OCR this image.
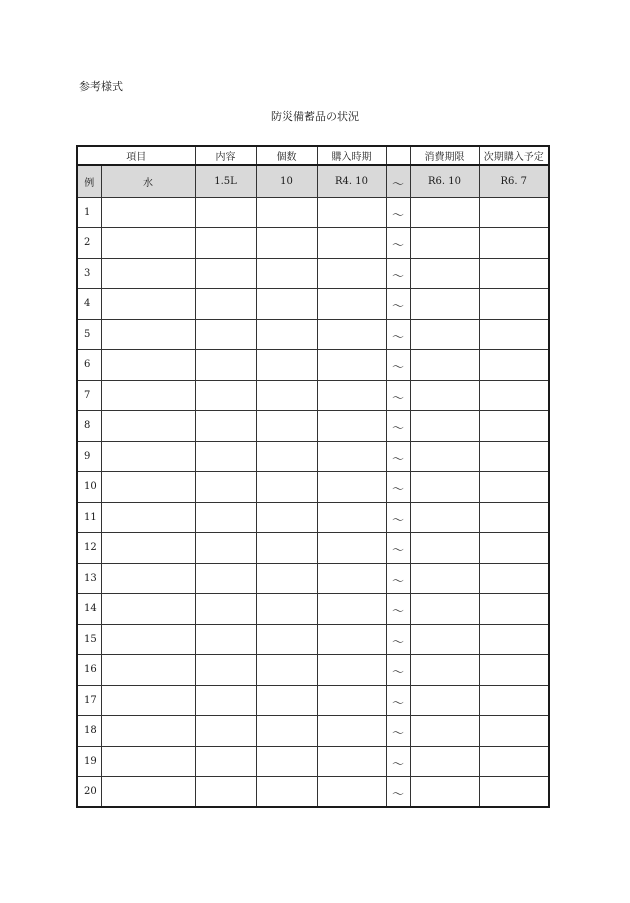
参考様式
防災備蓄品の状況
項目		内容	個数	購入時期		消費期限	次期購入予定
例	水	1.5L	10	R4. 10	～	R6. 10	R6. 7
1					～		
2					～		
3					～		
4					～		
5					～		
6					～		
7					～		
8					～		
9					～		
10					～		
11					～		
12					～		
13					～		
14					～		
15					～		
16					～		
17					～		
18					～		
19					～		
20					～		
